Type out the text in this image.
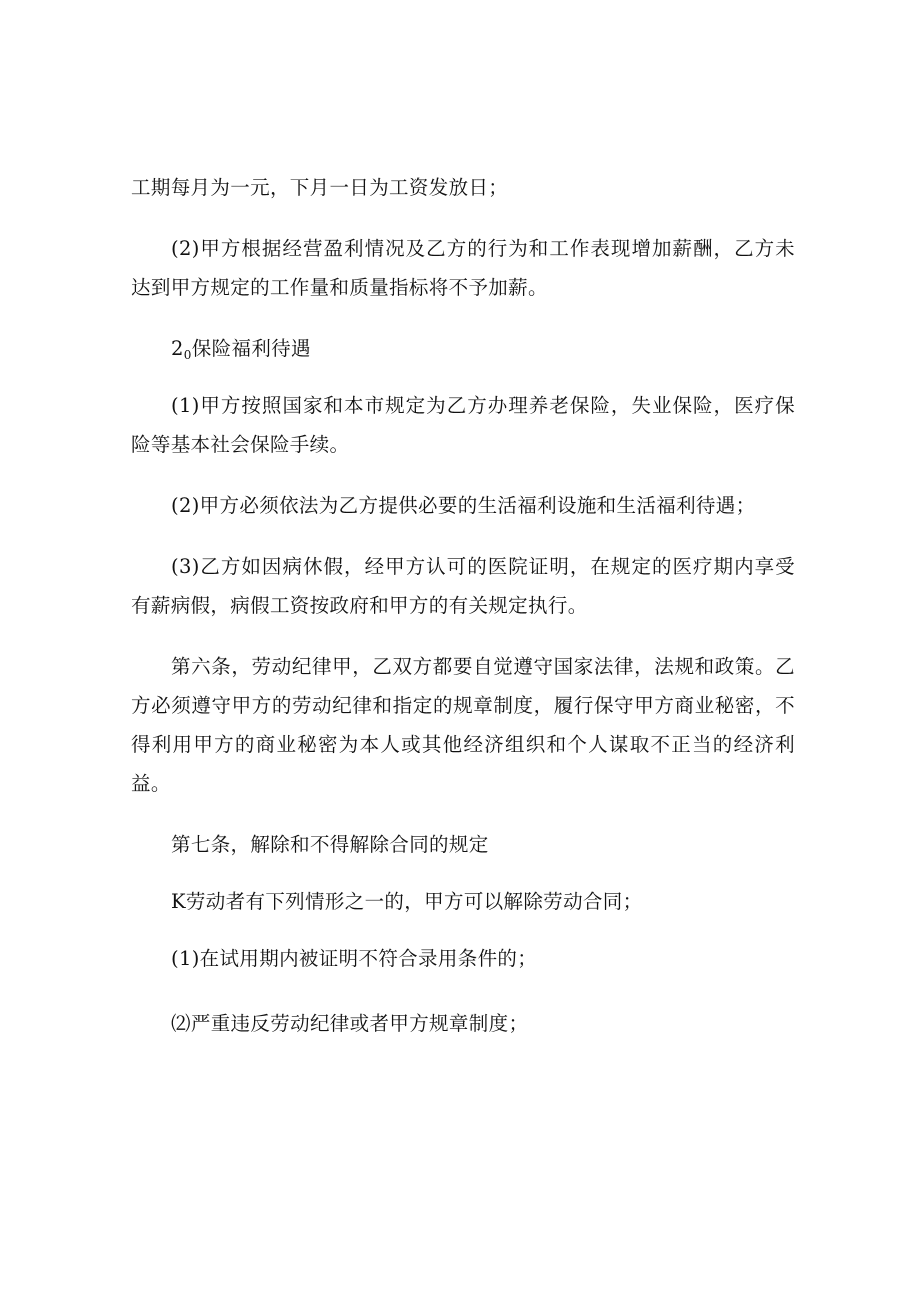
工期每月为一元，下月一日为工资发放日；

(2)甲方根据经营盈利情况及乙方的行为和工作表现增加薪酬，乙方未达到甲方规定的工作量和质量指标将不予加薪。

$2_0$保险福利待遇

(1)甲方按照国家和本市规定为乙方办理养老保险，失业保险，医疗保险等基本社会保险手续。

(2)甲方必须依法为乙方提供必要的生活福利设施和生活福利待遇；

(3)乙方如因病休假，经甲方认可的医院证明，在规定的医疗期内享受有薪病假，病假工资按政府和甲方的有关规定执行。

第六条，劳动纪律甲，乙双方都要自觉遵守国家法律，法规和政策。乙方必须遵守甲方的劳动纪律和指定的规章制度，履行保守甲方商业秘密，不得利用甲方的商业秘密为本人或其他经济组织和个人谋取不正当的经济利益。

第七条，解除和不得解除合同的规定

K劳动者有下列情形之一的，甲方可以解除劳动合同；

(1)在试用期内被证明不符合录用条件的；

⑵严重违反劳动纪律或者甲方规章制度；
